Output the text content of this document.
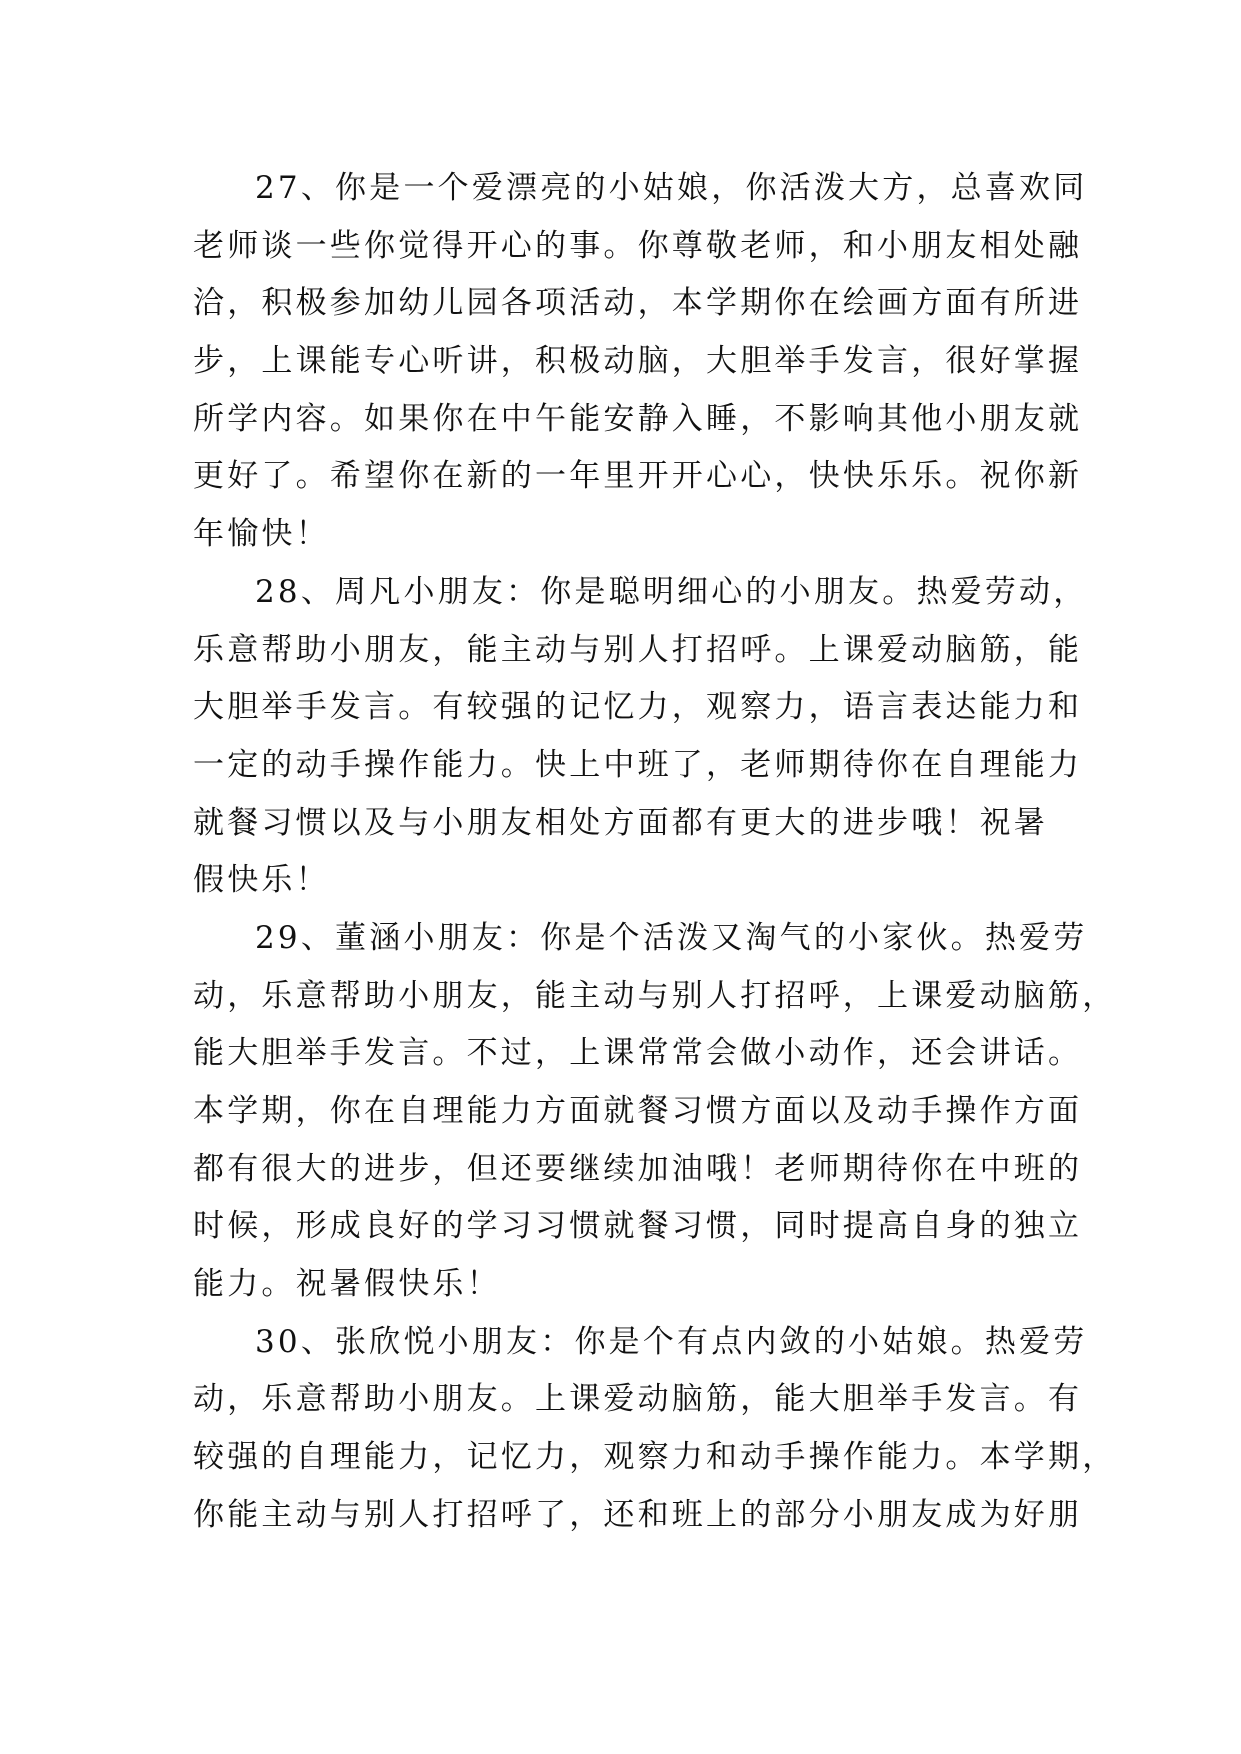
27、你是一个爱漂亮的小姑娘，你活泼大方，总喜欢同
老师谈一些你觉得开心的事。你尊敬老师，和小朋友相处融
洽，积极参加幼儿园各项活动，本学期你在绘画方面有所进
步，上课能专心听讲，积极动脑，大胆举手发言，很好掌握
所学内容。如果你在中午能安静入睡，不影响其他小朋友就
更好了。希望你在新的一年里开开心心，快快乐乐。祝你新
年愉快！
28、周凡小朋友：你是聪明细心的小朋友。热爱劳动，
乐意帮助小朋友，能主动与别人打招呼。上课爱动脑筋，能
大胆举手发言。有较强的记忆力，观察力，语言表达能力和
一定的动手操作能力。快上中班了，老师期待你在自理能力
就餐习惯以及与小朋友相处方面都有更大的进步哦！祝暑
假快乐！
29、董涵小朋友：你是个活泼又淘气的小家伙。热爱劳
动，乐意帮助小朋友，能主动与别人打招呼，上课爱动脑筋，
能大胆举手发言。不过，上课常常会做小动作，还会讲话。
本学期，你在自理能力方面就餐习惯方面以及动手操作方面
都有很大的进步，但还要继续加油哦！老师期待你在中班的
时候，形成良好的学习习惯就餐习惯，同时提高自身的独立
能力。祝暑假快乐！
30、张欣悦小朋友：你是个有点内敛的小姑娘。热爱劳
动，乐意帮助小朋友。上课爱动脑筋，能大胆举手发言。有
较强的自理能力，记忆力，观察力和动手操作能力。本学期，
你能主动与别人打招呼了，还和班上的部分小朋友成为好朋
